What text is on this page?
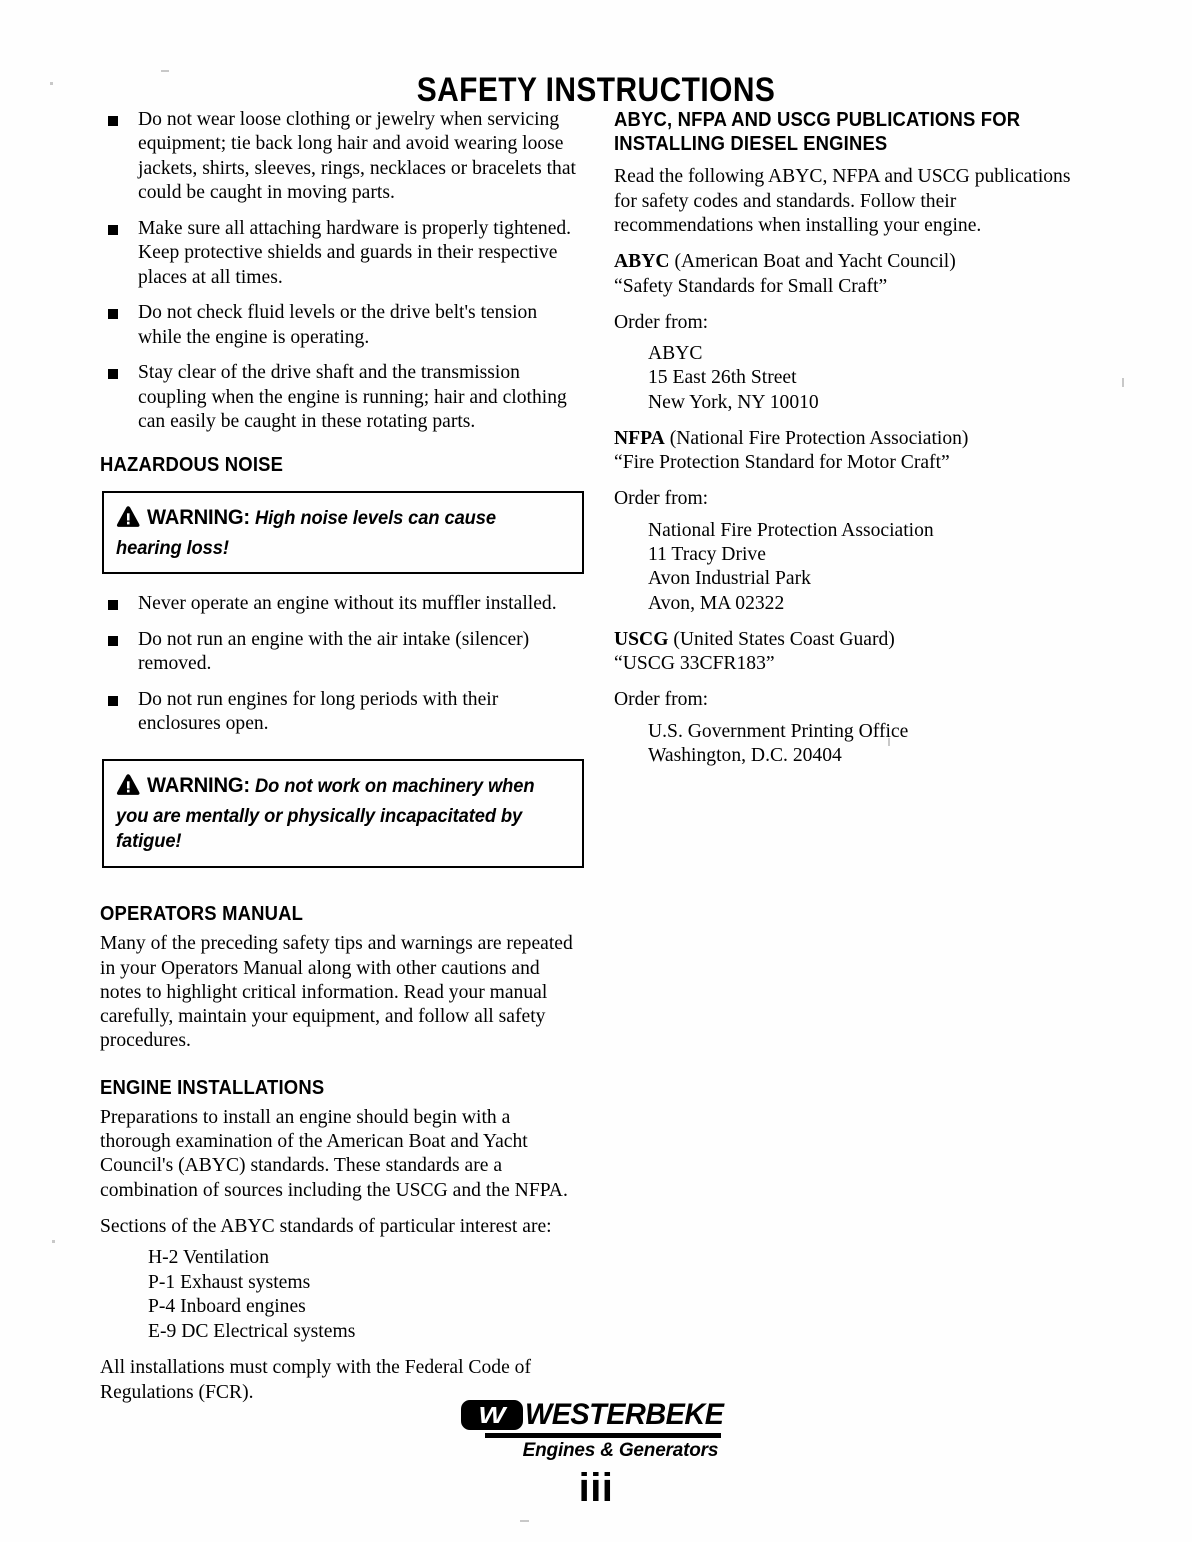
SAFETY INSTRUCTIONS
Do not wear loose clothing or jewelry when servicing equipment; tie back long hair and avoid wearing loose jackets, shirts, sleeves, rings, necklaces or bracelets that could be caught in moving parts.
Make sure all attaching hardware is properly tightened. Keep protective shields and guards in their respective places at all times.
Do not check fluid levels or the drive belt's tension while the engine is operating.
Stay clear of the drive shaft and the transmission coupling when the engine is running; hair and clothing can easily be caught in these rotating parts.
HAZARDOUS NOISE
WARNING: High noise levels can cause hearing loss!
Never operate an engine without its muffler installed.
Do not run an engine with the air intake (silencer) removed.
Do not run engines for long periods with their enclosures open.
WARNING: Do not work on machinery when you are mentally or physically incapacitated by fatigue!
OPERATORS MANUAL

Many of the preceding safety tips and warnings are repeated in your Operators Manual along with other cautions and notes to highlight critical information. Read your manual carefully, maintain your equipment, and follow all safety procedures.

ENGINE INSTALLATIONS

Preparations to install an engine should begin with a thorough examination of the American Boat and Yacht Council's (ABYC) standards. These standards are a combination of sources including the USCG and the NFPA.

Sections of the ABYC standards of particular interest are:

H-2 Ventilation
P-1 Exhaust systems
P-4 Inboard engines
E-9 DC Electrical systems

All installations must comply with the Federal Code of Regulations (FCR).

ABYC, NFPA AND USCG PUBLICATIONS FOR INSTALLING DIESEL ENGINES

Read the following ABYC, NFPA and USCG publications for safety codes and standards. Follow their recommendations when installing your engine.

ABYC (American Boat and Yacht Council)

“Safety Standards for Small Craft”

Order from:

ABYC
15 East 26th Street
New York, NY 10010

NFPA (National Fire Protection Association)

“Fire Protection Standard for Motor Craft”

Order from:

National Fire Protection Association
11 Tracy Drive
Avon Industrial Park
Avon, MA 02322

USCG (United States Coast Guard)

“USCG 33CFR183”

Order from:

U.S. Government Printing Office
Washington, D.C. 20404
W WESTERBEKE
Engines & Generators
iii
